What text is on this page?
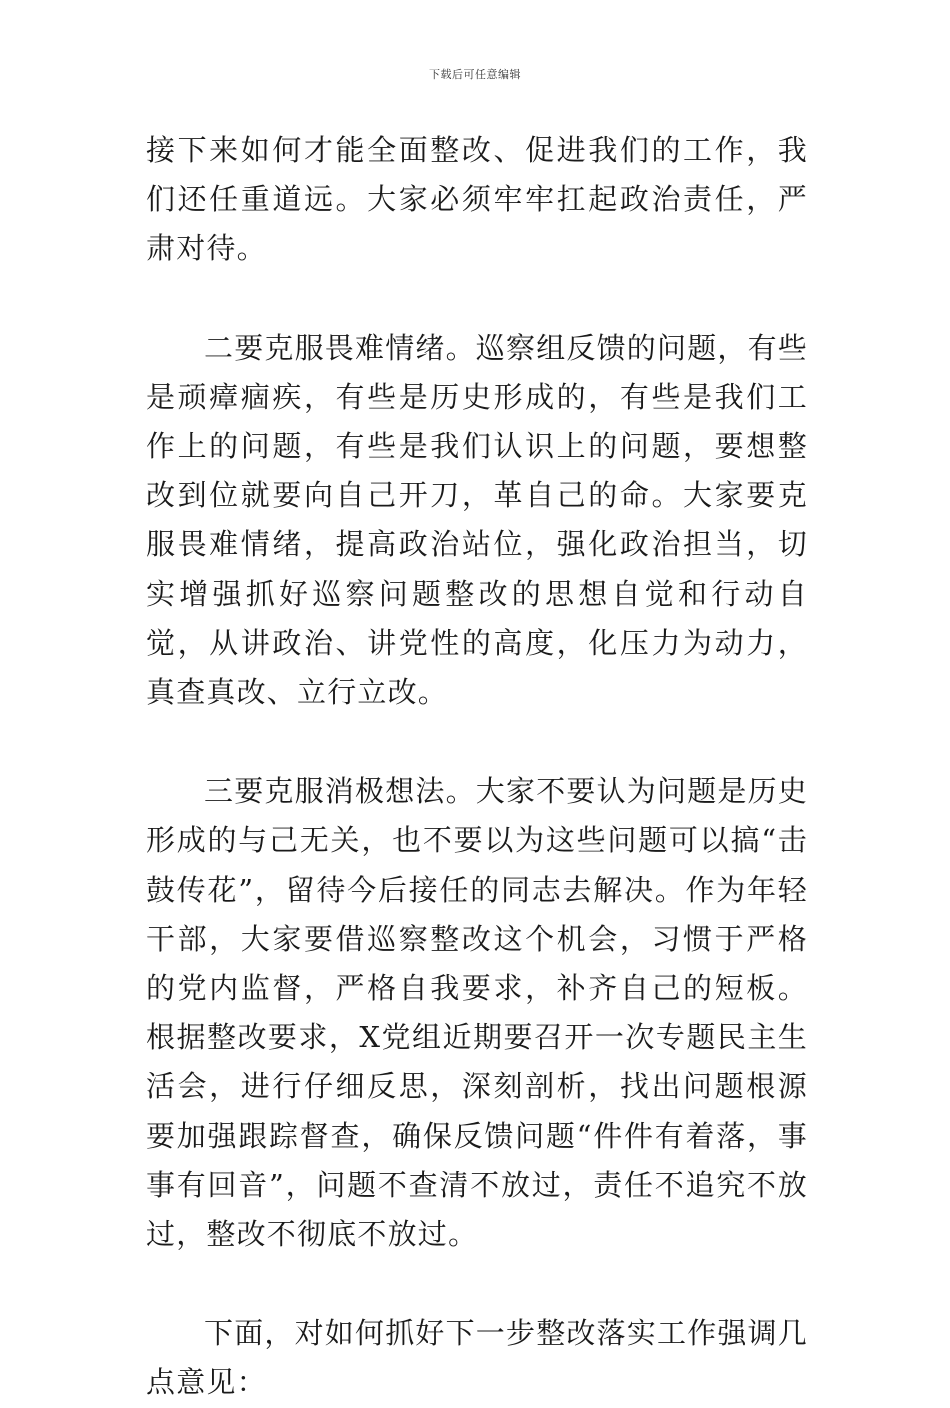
下载后可任意编辑

接下来如何才能全面整改、促进我们的工作，我们还任重道远。大家必须牢牢扛起政治责任，严肃对待。

二要克服畏难情绪。巡察组反馈的问题，有些是顽瘴痼疾，有些是历史形成的，有些是我们工作上的问题，有些是我们认识上的问题，要想整改到位就要向自己开刀，革自己的命。大家要克服畏难情绪，提高政治站位，强化政治担当，切实增强抓好巡察问题整改的思想自觉和行动自觉，从讲政治、讲党性的高度，化压力为动力，真查真改、立行立改。

三要克服消极想法。大家不要认为问题是历史形成的与己无关，也不要以为这些问题可以搞“击鼓传花”，留待今后接任的同志去解决。作为年轻干部，大家要借巡察整改这个机会，习惯于严格的党内监督，严格自我要求，补齐自己的短板。根据整改要求，X党组近期要召开一次专题民主生活会，进行仔细反思，深刻剖析，找出问题根源要加强跟踪督查，确保反馈问题“件件有着落，事事有回音”，问题不查清不放过，责任不追究不放过，整改不彻底不放过。

下面，对如何抓好下一步整改落实工作强调几点意见：
